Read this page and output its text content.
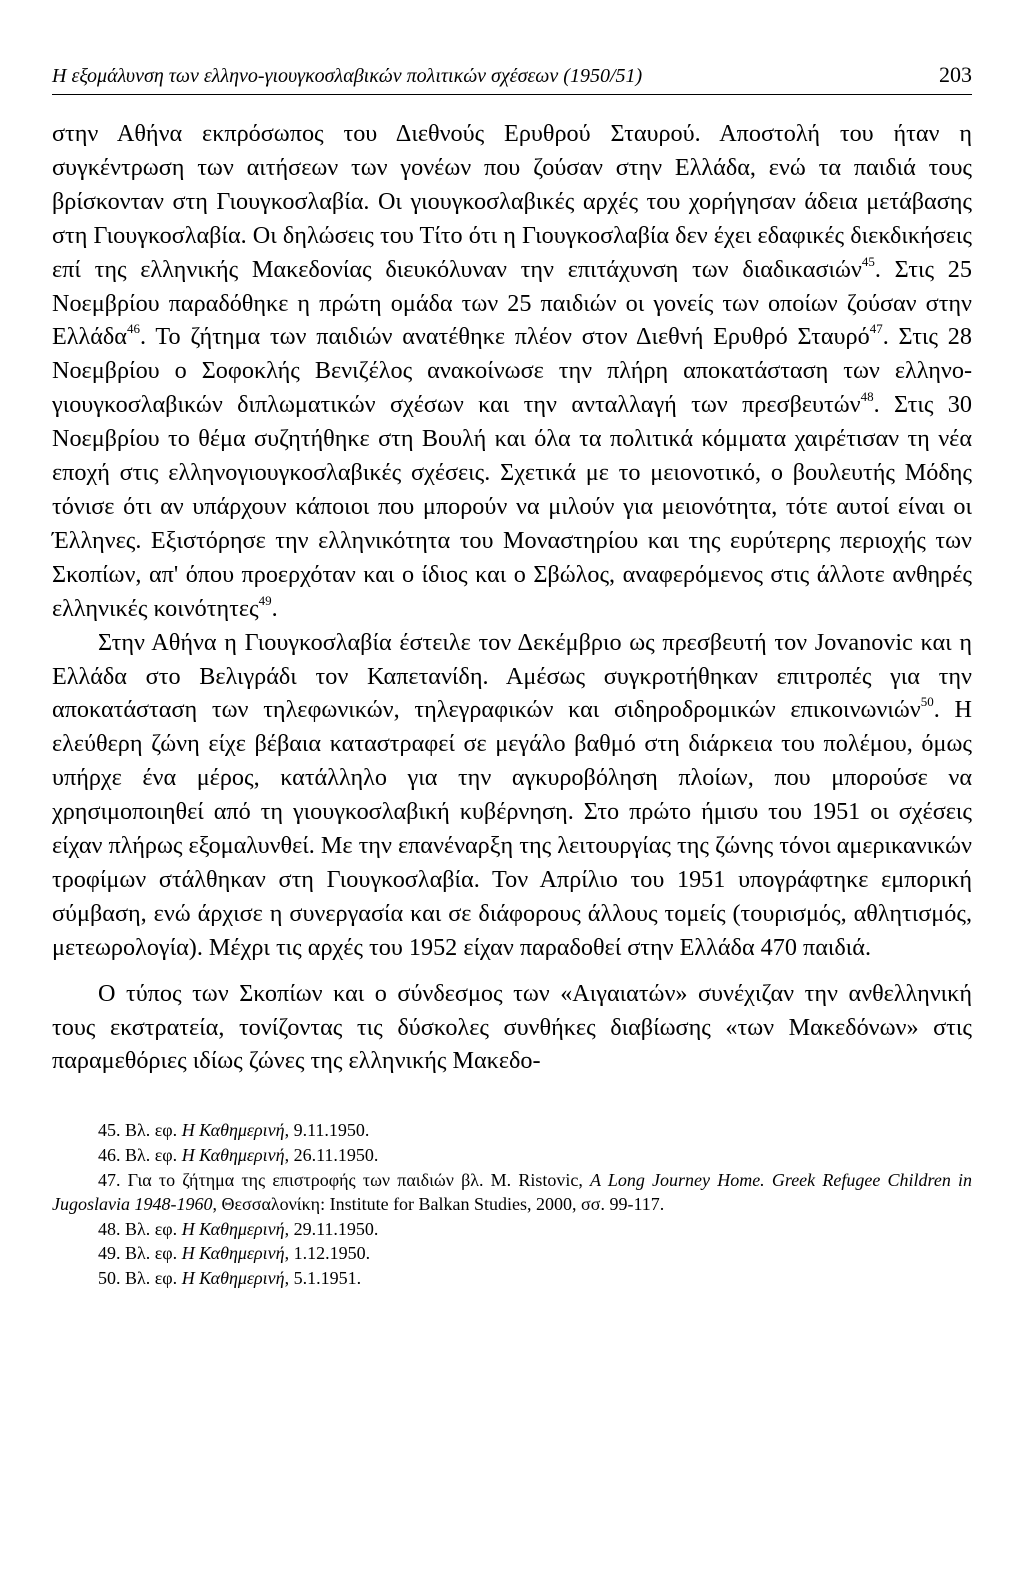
Η εξομάλυνση των ελληνο-γιουγκοσλαβικών πολιτικών σχέσεων (1950/51)	203

στην Αθήνα εκπρόσωπος του Διεθνούς Ερυθρού Σταυρού. Αποστολή του ήταν η συγκέντρωση των αιτήσεων των γονέων που ζούσαν στην Ελλάδα, ενώ τα παιδιά τους βρίσκονταν στη Γιουγκοσλαβία. Οι γιουγκοσλαβικές αρχές του χορήγησαν άδεια μετάβασης στη Γιουγκοσλαβία. Οι δηλώσεις του Τίτο ότι η Γιουγκοσλαβία δεν έχει εδαφικές διεκδικήσεις επί της ελληνικής Μακεδονίας διευκόλυναν την επιτάχυνση των διαδικασιών$^{45}$. Στις 25 Νοεμβρίου παραδόθηκε η πρώτη ομάδα των 25 παιδιών οι γονείς των οποίων ζούσαν στην Ελλάδα$^{46}$. Το ζήτημα των παιδιών ανατέθηκε πλέον στον Διεθνή Ερυθρό Σταυρό$^{47}$. Στις 28 Νοεμβρίου ο Σοφοκλής Βενιζέλος ανακοίνωσε την πλήρη αποκατάσταση των ελληνο-γιουγκοσλαβικών διπλωματικών σχέσων και την ανταλλαγή των πρεσβευτών$^{48}$. Στις 30 Νοεμβρίου το θέμα συζητήθηκε στη Βουλή και όλα τα πολιτικά κόμματα χαιρέτισαν τη νέα εποχή στις ελληνογιουγκοσλαβικές σχέσεις. Σχετικά με το μειονοτικό, ο βουλευτής Μόδης τόνισε ότι αν υπάρχουν κάποιοι που μπορούν να μιλούν για μειονότητα, τότε αυτοί είναι οι Έλληνες. Εξιστόρησε την ελληνικότητα του Μοναστηρίου και της ευρύτερης περιοχής των Σκοπίων, απ' όπου προερχόταν και ο ίδιος και ο Σβώλος, αναφερόμενος στις άλλοτε ανθηρές ελληνικές κοινότητες$^{49}$.

Στην Αθήνα η Γιουγκοσλαβία έστειλε τον Δεκέμβριο ως πρεσβευτή τον Jovanovic και η Ελλάδα στο Βελιγράδι τον Καπετανίδη. Αμέσως συγκροτήθηκαν επιτροπές για την αποκατάσταση των τηλεφωνικών, τηλεγραφικών και σιδηροδρομικών επικοινωνιών$^{50}$. Η ελεύθερη ζώνη είχε βέβαια καταστραφεί σε μεγάλο βαθμό στη διάρκεια του πολέμου, όμως υπήρχε ένα μέρος, κατάλληλο για την αγκυροβόληση πλοίων, που μπορούσε να χρησιμοποιηθεί από τη γιουγκοσλαβική κυβέρνηση. Στο πρώτο ήμισυ του 1951 οι σχέσεις είχαν πλήρως εξομαλυνθεί. Με την επανέναρξη της λειτουργίας της ζώνης τόνοι αμερικανικών τροφίμων στάλθηκαν στη Γιουγκοσλαβία. Τον Απρίλιο του 1951 υπογράφτηκε εμπορική σύμβαση, ενώ άρχισε η συνεργασία και σε διάφορους άλλους τομείς (τουρισμός, αθλητισμός, μετεωρολογία). Μέχρι τις αρχές του 1952 είχαν παραδοθεί στην Ελλάδα 470 παιδιά.

Ο τύπος των Σκοπίων και ο σύνδεσμος των «Αιγαιατών» συνέχιζαν την ανθελληνική τους εκστρατεία, τονίζοντας τις δύσκολες συνθήκες διαβίωσης «των Μακεδόνων» στις παραμεθόριες ιδίως ζώνες της ελληνικής Μακεδο-

45. Βλ. εφ. Η Καθημερινή, 9.11.1950.
46. Βλ. εφ. Η Καθημερινή, 26.11.1950.
47. Για το ζήτημα της επιστροφής των παιδιών βλ. M. Ristovic, A Long Journey Home. Greek Refugee Children in Jugoslavia 1948-1960, Θεσσαλονίκη: Institute for Balkan Studies, 2000, σσ. 99-117.
48. Βλ. εφ. Η Καθημερινή, 29.11.1950.
49. Βλ. εφ. Η Καθημερινή, 1.12.1950.
50. Βλ. εφ. Η Καθημερινή, 5.1.1951.
